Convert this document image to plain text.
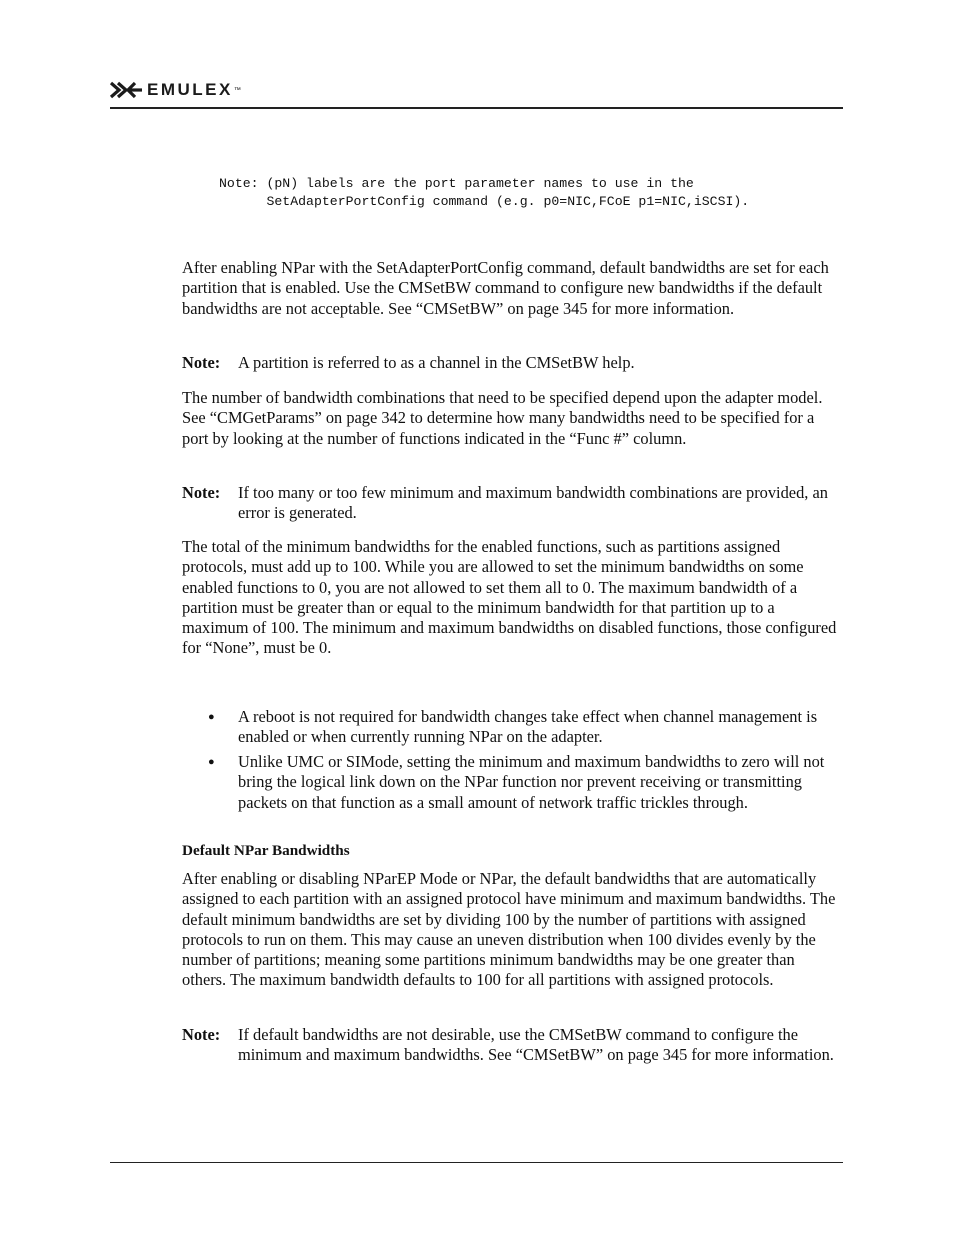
EMULEX ™
Note: (pN) labels are the port parameter names to use in the
SetAdapterPortConfig command (e.g. p0=NIC,FCoE p1=NIC,iSCSI).

After enabling NPar with the SetAdapterPortConfig command, default bandwidths are set for each partition that is enabled. Use the CMSetBW command to configure new bandwidths if the default bandwidths are not acceptable. See “CMSetBW” on page 345 for more information.

Note: A partition is referred to as a channel in the CMSetBW help.

The number of bandwidth combinations that need to be specified depend upon the adapter model. See “CMGetParams” on page 342 to determine how many bandwidths need to be specified for a port by looking at the number of functions indicated in the “Func #” column.

Note: If too many or too few minimum and maximum bandwidth combinations are provided, an error is generated.

The total of the minimum bandwidths for the enabled functions, such as partitions assigned protocols, must add up to 100. While you are allowed to set the minimum bandwidths on some enabled functions to 0, you are not allowed to set them all to 0. The maximum bandwidth of a partition must be greater than or equal to the minimum bandwidth for that partition up to a maximum of 100. The minimum and maximum bandwidths on disabled functions, those configured for “None”, must be 0.

● A reboot is not required for bandwidth changes take effect when channel management is enabled or when currently running NPar on the adapter.
● Unlike UMC or SIMode, setting the minimum and maximum bandwidths to zero will not bring the logical link down on the NPar function nor prevent receiving or transmitting packets on that function as a small amount of network traffic trickles through.
Default NPar Bandwidths

After enabling or disabling NParEP Mode or NPar, the default bandwidths that are automatically assigned to each partition with an assigned protocol have minimum and maximum bandwidths. The default minimum bandwidths are set by dividing 100 by the number of partitions with assigned protocols to run on them. This may cause an uneven distribution when 100 divides evenly by the number of partitions; meaning some partitions minimum bandwidths may be one greater than others. The maximum bandwidth defaults to 100 for all partitions with assigned protocols.

Note: If default bandwidths are not desirable, use the CMSetBW command to configure the minimum and maximum bandwidths. See “CMSetBW” on page 345 for more information.
